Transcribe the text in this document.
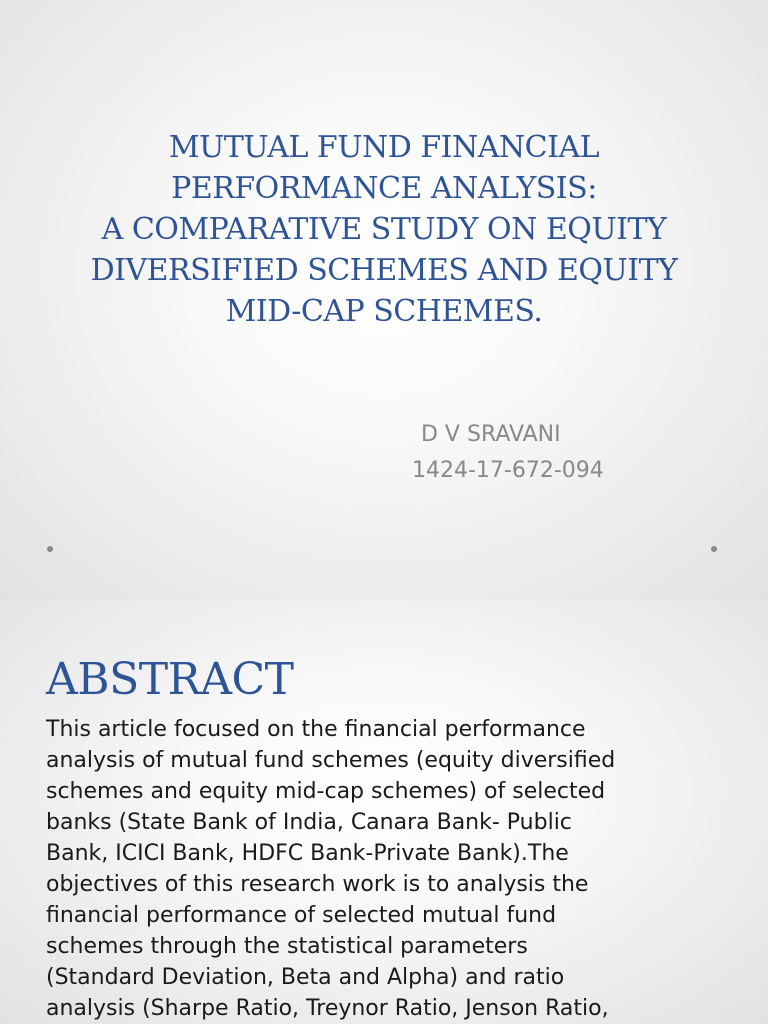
MUTUAL FUND FINANCIAL
PERFORMANCE ANALYSIS:
A COMPARATIVE STUDY ON EQUITY
DIVERSIFIED SCHEMES AND EQUITY
MID-CAP SCHEMES.
D V SRAVANI
1424-17-672-094
ABSTRACT

This article focused on the financial performance
analysis of mutual fund schemes (equity diversified
schemes and equity mid-cap schemes) of selected
banks (State Bank of India, Canara Bank- Public
Bank, ICICI Bank, HDFC Bank-Private Bank).The
objectives of this research work is to analysis the
financial performance of selected mutual fund
schemes through the statistical parameters
(Standard Deviation, Beta and Alpha) and ratio
analysis (Sharpe Ratio, Treynor Ratio, Jenson Ratio,
